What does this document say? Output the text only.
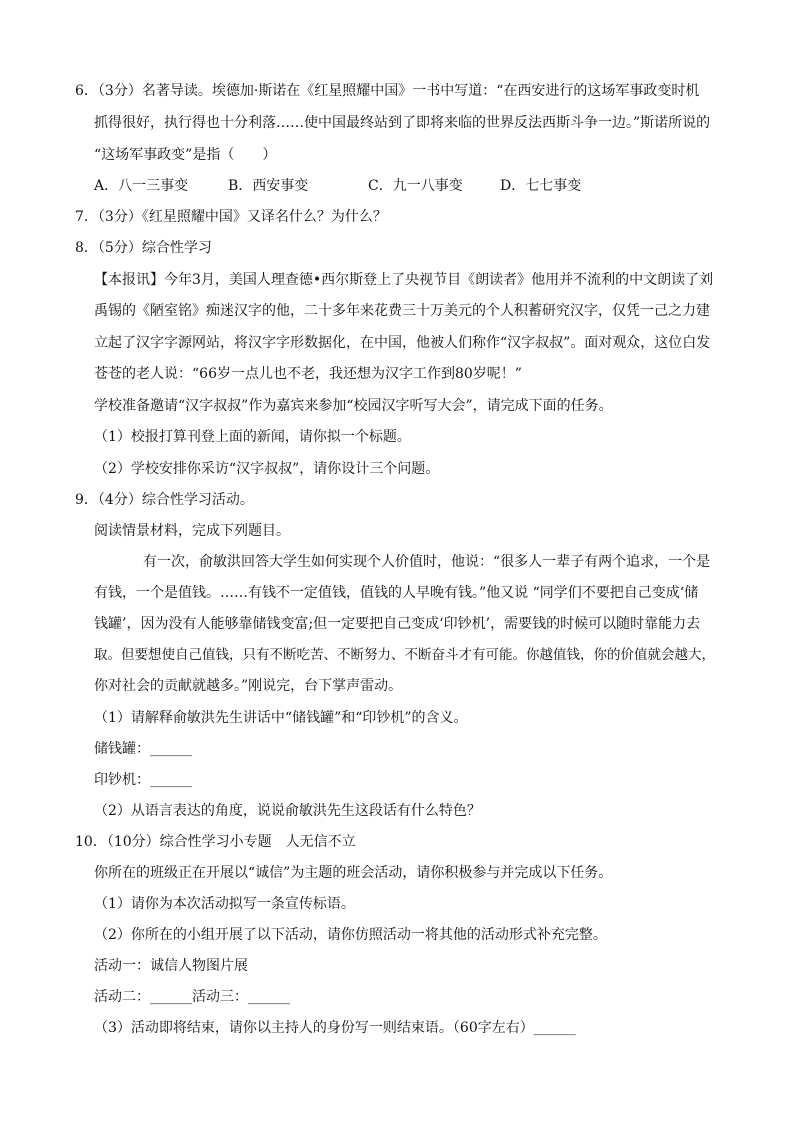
6．（3分）名著导读。埃德加·斯诺在《红星照耀中国》一书中写道：“在西安进行的这场军事政变时机
抓得很好，执行得也十分利落……使中国最终站到了即将来临的世界反法西斯斗争一边。”斯诺所说的
“这场军事政变”是指（　　）
A．八一三事变	B．西安事变	C．九一八事变	D．七七事变
7．（3分）《红星照耀中国》又译名什么？为什么？
8．（5分）综合性学习
【本报讯】今年3月，美国人理查德•西尔斯登上了央视节目《朗读者》他用并不流利的中文朗读了刘
禹锡的《陋室铭》痴迷汉字的他，二十多年来花费三十万美元的个人积蓄研究汉字，仅凭一己之力建
立起了汉字字源网站，将汉字字形数据化，在中国，他被人们称作“汉字叔叔”。面对观众，这位白发
苍苍的老人说：“66岁一点儿也不老，我还想为汉字工作到80岁呢！”
学校准备邀请“汉字叔叔”作为嘉宾来参加“校园汉字听写大会”，请完成下面的任务。
（1）校报打算刊登上面的新闻，请你拟一个标题。
（2）学校安排你采访“汉字叔叔”，请你设计三个问题。
9．（4分）综合性学习活动。
阅读情景材料，完成下列题目。
有一次，俞敏洪回答大学生如何实现个人价值时，他说：“很多人一辈子有两个追求，一个是
有钱，一个是值钱。……有钱不一定值钱，值钱的人早晚有钱。”他又说 “同学们不要把自己变成‘储
钱罐’，因为没有人能够靠储钱变富;但一定要把自己变成‘印钞机’，需要钱的时候可以随时靠能力去
取。但要想使自己值钱，只有不断吃苦、不断努力、不断奋斗才有可能。你越值钱，你的价值就会越大，
你对社会的贡献就越多。”刚说完，台下掌声雷动。
（1）请解释俞敏洪先生讲话中“储钱罐”和“印钞机”的含义。
储钱罐：______
印钞机：______
（2）从语言表达的角度，说说俞敏洪先生这段话有什么特色？
10．（10分）综合性学习小专题　人无信不立
你所在的班级正在开展以“诚信”为主题的班会活动，请你积极参与并完成以下任务。
（1）请你为本次活动拟写一条宣传标语。
（2）你所在的小组开展了以下活动，请你仿照活动一将其他的活动形式补充完整。
活动一：诚信人物图片展
活动二：______活动三：______
（3）活动即将结束，请你以主持人的身份写一则结束语。（60字左右）______
